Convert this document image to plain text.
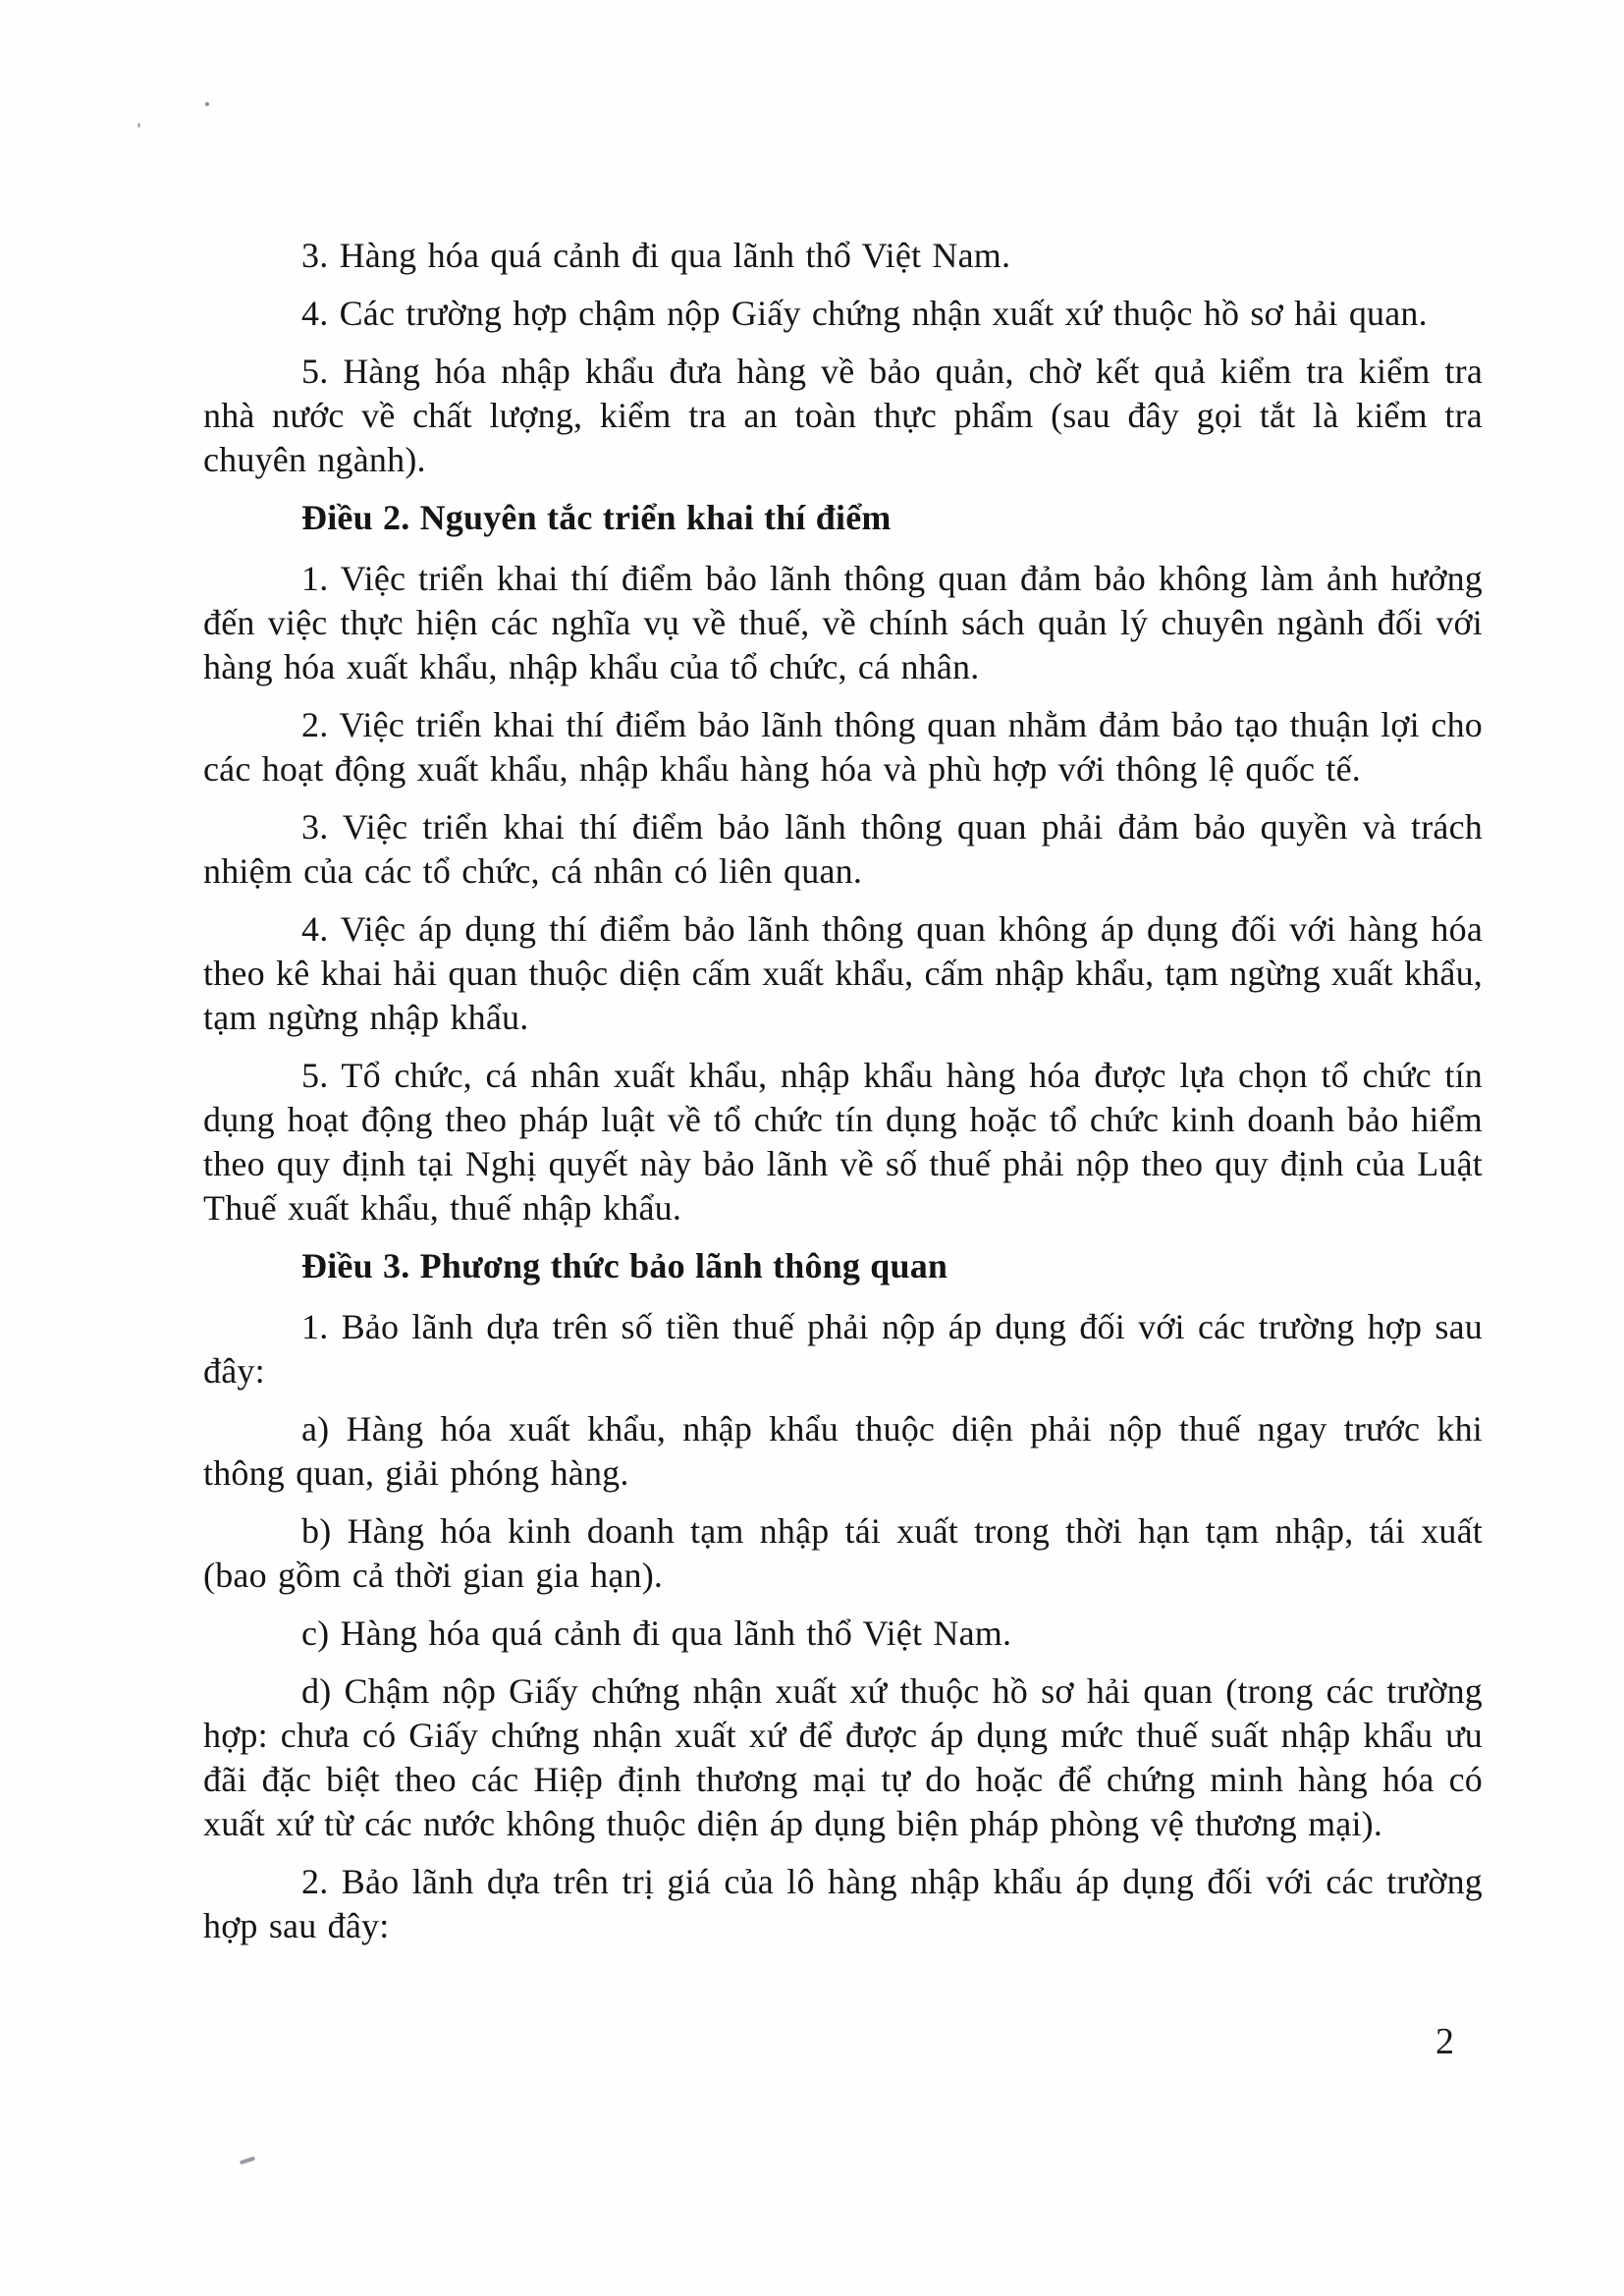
3. Hàng hóa quá cảnh đi qua lãnh thổ Việt Nam.

4. Các trường hợp chậm nộp Giấy chứng nhận xuất xứ thuộc hồ sơ hải quan.

5. Hàng hóa nhập khẩu đưa hàng về bảo quản, chờ kết quả kiểm tra kiểm tra nhà nước về chất lượng, kiểm tra an toàn thực phẩm (sau đây gọi tắt là kiểm tra chuyên ngành).

Điều 2. Nguyên tắc triển khai thí điểm

1. Việc triển khai thí điểm bảo lãnh thông quan đảm bảo không làm ảnh hưởng đến việc thực hiện các nghĩa vụ về thuế, về chính sách quản lý chuyên ngành đối với hàng hóa xuất khẩu, nhập khẩu của tổ chức, cá nhân.

2. Việc triển khai thí điểm bảo lãnh thông quan nhằm đảm bảo tạo thuận lợi cho các hoạt động xuất khẩu, nhập khẩu hàng hóa và phù hợp với thông lệ quốc tế.

3. Việc triển khai thí điểm bảo lãnh thông quan phải đảm bảo quyền và trách nhiệm của các tổ chức, cá nhân có liên quan.

4. Việc áp dụng thí điểm bảo lãnh thông quan không áp dụng đối với hàng hóa theo kê khai hải quan thuộc diện cấm xuất khẩu, cấm nhập khẩu, tạm ngừng xuất khẩu, tạm ngừng nhập khẩu.

5. Tổ chức, cá nhân xuất khẩu, nhập khẩu hàng hóa được lựa chọn tổ chức tín dụng hoạt động theo pháp luật về tổ chức tín dụng hoặc tổ chức kinh doanh bảo hiểm theo quy định tại Nghị quyết này bảo lãnh về số thuế phải nộp theo quy định của Luật Thuế xuất khẩu, thuế nhập khẩu.

Điều 3. Phương thức bảo lãnh thông quan

1. Bảo lãnh dựa trên số tiền thuế phải nộp áp dụng đối với các trường hợp sau đây:

a) Hàng hóa xuất khẩu, nhập khẩu thuộc diện phải nộp thuế ngay trước khi thông quan, giải phóng hàng.

b) Hàng hóa kinh doanh tạm nhập tái xuất trong thời hạn tạm nhập, tái xuất (bao gồm cả thời gian gia hạn).

c) Hàng hóa quá cảnh đi qua lãnh thổ Việt Nam.

d) Chậm nộp Giấy chứng nhận xuất xứ thuộc hồ sơ hải quan (trong các trường hợp: chưa có Giấy chứng nhận xuất xứ để được áp dụng mức thuế suất nhập khẩu ưu đãi đặc biệt theo các Hiệp định thương mại tự do hoặc để chứng minh hàng hóa có xuất xứ từ các nước không thuộc diện áp dụng biện pháp phòng vệ thương mại).

2. Bảo lãnh dựa trên trị giá của lô hàng nhập khẩu áp dụng đối với các trường hợp sau đây:

2
